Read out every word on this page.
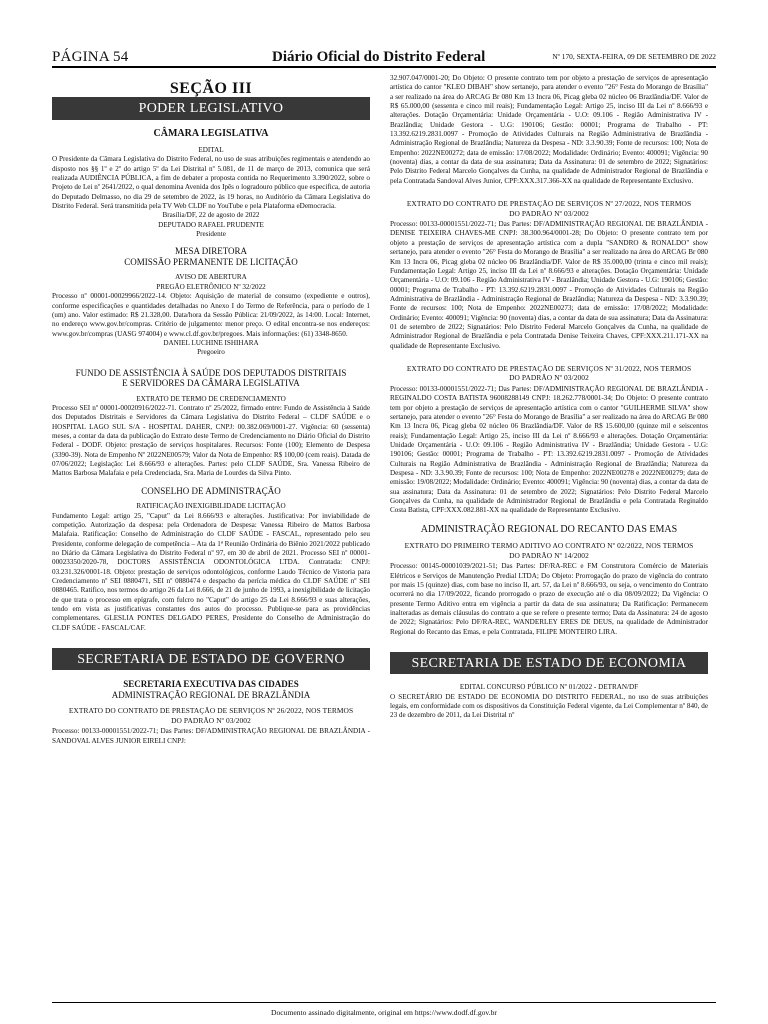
PÁGINA 54	Diário Oficial do Distrito Federal	Nº 170, SEXTA-FEIRA, 09 DE SETEMBRO DE 2022
SEÇÃO III
PODER LEGISLATIVO
CÂMARA LEGISLATIVA

EDITAL

O Presidente da Câmara Legislativa do Distrito Federal, no uso de suas atribuições regimentais e atendendo ao disposto nos §§ 1º e 2º do artigo 5º da Lei Distrital nº 5.081, de 11 de março de 2013, comunica que será realizada AUDIÊNCIA PÚBLICA, a fim de debater a proposta contida no Requerimento 3.390/2022, sobre o Projeto de Lei nº 2641/2022, o qual denomina Avenida dos Ipês o logradouro público que especifica, de autoria do Deputado Delmasso, no dia 29 de setembro de 2022, às 19 horas, no Auditório da Câmara Legislativa do Distrito Federal. Será transmitida pela TV Web CLDF no YouTube e pela Plataforma eDemocracia.

Brasília/DF, 22 de agosto de 2022

DEPUTADO RAFAEL PRUDENTE

Presidente

MESA DIRETORA
COMISSÃO PERMANENTE DE LICITAÇÃO

AVISO DE ABERTURA

PREGÃO ELETRÔNICO Nº 32/2022

Processo nº 00001-00029966/2022-14. Objeto: Aquisição de material de consumo (expediente e outros), conforme especificações e quantidades detalhadas no Anexo I do Termo de Referência, para o período de 1 (um) ano. Valor estimado: R$ 21.328,00. Data/hora da Sessão Pública: 21/09/2022, às 14:00. Local: Internet, no endereço www.gov.br/compras. Critério de julgamento: menor preço. O edital encontra-se nos endereços: www.gov.br/compras (UASG 974004) e www.cl.df.gov.br/pregoes. Mais informações: (61) 3348-8650.

DANIEL LUCHINE ISHIHARA

Pregoeiro

FUNDO DE ASSISTÊNCIA À SAÚDE DOS DEPUTADOS DISTRITAIS E SERVIDORES DA CÂMARA LEGISLATIVA

EXTRATO DE TERMO DE CREDENCIAMENTO

Processo SEI nº 00001-00020916/2022-71. Contrato nº 25/2022, firmado entre: Fundo de Assistência à Saúde dos Deputados Distritais e Servidores da Câmara Legislativa do Distrito Federal – CLDF SAÚDE e o HOSPITAL LAGO SUL S/A - HOSPITAL DAHER, CNPJ: 00.382.069/0001-27. Vigência: 60 (sessenta) meses, a contar da data da publicação do Extrato deste Termo de Credenciamento no Diário Oficial do Distrito Federal - DODF. Objeto: prestação de serviços hospitalares. Recursos: Fonte (100); Elemento de Despesa (3390-39). Nota de Empenho Nº 2022NE00579; Valor da Nota de Empenho: R$ 100,00 (cem reais). Datada de 07/06/2022; Legislação: Lei 8.666/93 e alterações. Partes: pelo CLDF SAÚDE, Sra. Vanessa Ribeiro de Mattos Barbosa Malafaia e pela Credenciada, Sra. Maria de Lourdes da Silva Pinto.

CONSELHO DE ADMINISTRAÇÃO

RATIFICAÇÃO INEXIGIBILIDADE LICITAÇÃO

Fundamento Legal: artigo 25, "Caput" da Lei 8.666/93 e alterações. Justificativa: Por inviabilidade de competição. Autorização da despesa: pela Ordenadora de Despesa: Vanessa Ribeiro de Mattos Barbosa Malafaia. Ratificação: Conselho de Administração do CLDF SAÚDE - FASCAL, representado pelo seu Presidente, conforme delegação de competência – Ata da 1ª Reunião Ordinária do Biênio 2021/2022 publicado no Diário da Câmara Legislativa do Distrito Federal nº 97, em 30 de abril de 2021. Processo SEI nº 00001-00023350/2020-78, DOCTORS ASSISTÊNCIA ODONTOLÓGICA LTDA. Contratada: CNPJ: 03.231.326/0001-18. Objeto: prestação de serviços odontológicos, conforme Laudo Técnico de Vistoria para Credenciamento nº SEI 0880471, SEI nº 0880474 e despacho da perícia médica do CLDF SAÚDE nº SEI 0880465. Ratifico, nos termos do artigo 26 da Lei 8.666, de 21 de junho de 1993, a inexigibilidade de licitação de que trata o processo em epígrafe, com fulcro no "Caput" do artigo 25 da Lei 8.666/93 e suas alterações, tendo em vista as justificativas constantes dos autos do processo. Publique-se para as providências complementares. GLESLIA PONTES DELGADO PERES, Presidente do Conselho de Administração do CLDF SAÚDE - FASCAL/CAF.

SECRETARIA DE ESTADO DE GOVERNO
SECRETARIA EXECUTIVA DAS CIDADES
ADMINISTRAÇÃO REGIONAL DE BRAZLÂNDIA

EXTRATO DO CONTRATO DE PRESTAÇÃO DE SERVIÇOS Nº 26/2022, NOS TERMOS DO PADRÃO Nº 03/2002

Processo: 00133-00001551/2022-71; Das Partes: DF/ADMINISTRAÇÃO REGIONAL DE BRAZLÂNDIA - SANDOVAL ALVES JUNIOR EIRELI CNPJ:

32.907.047/0001-20; Do Objeto: O presente contrato tem por objeto a prestação de serviços de apresentação artística do cantor "KLEO DIBAH" show sertanejo, para atender o evento "26° Festa do Morango de Brasília" a ser realizado na área do ARCAG Br 080 Km 13 Incra 06, Picag gleba 02 núcleo 06 Brazlândia/DF. Valor de R$ 65.000,00 (sessenta e cinco mil reais); Fundamentação Legal: Artigo 25, inciso III da Lei nº 8.666/93 e alterações. Dotação Orçamentária: Unidade Orçamentária - U.O: 09.106 - Região Administrativa IV - Brazlândia; Unidade Gestora - U.G: 190106; Gestão: 00001; Programa de Trabalho - PT: 13.392.6219.2831.0097 - Promoção de Atividades Culturais na Região Administrativa de Brazlândia - Administração Regional de Brazlândia; Natureza da Despesa - ND: 3.3.90.39; Fonte de recursos: 100; Nota de Empenho: 2022NE00272; data de emissão: 17/08/2022; Modalidade: Ordinário; Evento: 400091; Vigência: 90 (noventa) dias, a contar da data de sua assinatura; Data da Assinatura: 01 de setembro de 2022; Signatários: Pelo Distrito Federal Marcelo Gonçalves da Cunha, na qualidade de Administrador Regional de Brazlândia e pela Contratada Sandoval Alves Junior, CPF:XXX.317.366-XX na qualidade de Representante Exclusivo.

EXTRATO DO CONTRATO DE PRESTAÇÃO DE SERVIÇOS Nº 27/2022, NOS TERMOS DO PADRÃO Nº 03/2002

Processo: 00133-00001551/2022-71; Das Partes: DF/ADMINISTRAÇÃO REGIONAL DE BRAZLÂNDIA - DENISE TEIXEIRA CHAVES-ME CNPJ: 38.300.964/0001-28; Do Objeto: O presente contrato tem por objeto a prestação de serviços de apresentação artística com a dupla "SANDRO & RONALDO" show sertanejo, para atender o evento "26° Festa do Morango de Brasília" a ser realizado na área do ARCAG Br 080 Km 13 Incra 06, Picag gleba 02 núcleo 06 Brazlândia/DF. Valor de R$ 35.000,00 (trinta e cinco mil reais); Fundamentação Legal: Artigo 25, inciso III da Lei nº 8.666/93 e alterações. Dotação Orçamentária: Unidade Orçamentária - U.O: 09.106 - Região Administrativa IV - Brazlândia; Unidade Gestora - U.G: 190106; Gestão: 00001; Programa de Trabalho - PT: 13.392.6219.2831.0097 - Promoção de Atividades Culturais na Região Administrativa de Brazlândia - Administração Regional de Brazlândia; Natureza da Despesa - ND: 3.3.90.39; Fonte de recursos: 100; Nota de Empenho: 2022NE00273; data de emissão: 17/08/2022; Modalidade: Ordinário; Evento: 400091; Vigência: 90 (noventa) dias, a contar da data de sua assinatura; Data da Assinatura: 01 de setembro de 2022; Signatários: Pelo Distrito Federal Marcelo Gonçalves da Cunha, na qualidade de Administrador Regional de Brazlândia e pela Contratada Denise Teixeira Chaves, CPF:XXX.211.171-XX na qualidade de Representante Exclusivo.

EXTRATO DO CONTRATO DE PRESTAÇÃO DE SERVIÇOS Nº 31/2022, NOS TERMOS DO PADRÃO Nº 03/2002

Processo: 00133-00001551/2022-71; Das Partes: DF/ADMINISTRAÇÃO REGIONAL DE BRAZLÂNDIA - REGINALDO COSTA BATISTA 96008288149 CNPJ: 18.262.778/0001-34; Do Objeto: O presente contrato tem por objeto a prestação de serviços de apresentação artística com o cantor "GUILHERME SILVA" show sertanejo, para atender o evento "26° Festa do Morango de Brasília" a ser realizado na área do ARCAG Br 080 Km 13 Incra 06, Picag gleba 02 núcleo 06 Brazlândia/DF. Valor de R$ 15.600,00 (quinze mil e seiscentos reais); Fundamentação Legal: Artigo 25, inciso III da Lei nº 8.666/93 e alterações. Dotação Orçamentária: Unidade Orçamentária - U.O: 09.106 - Região Administrativa IV - Brazlândia; Unidade Gestora - U.G: 190106; Gestão: 00001; Programa de Trabalho - PT: 13.392.6219.2831.0097 - Promoção de Atividades Culturais na Região Administrativa de Brazlândia - Administração Regional de Brazlândia; Natureza da Despesa - ND: 3.3.90.39; Fonte de recursos: 100; Nota de Empenho: 2022NE00278 e 2022NE00279; data de emissão: 19/08/2022; Modalidade: Ordinário; Evento: 400091; Vigência: 90 (noventa) dias, a contar da data de sua assinatura; Data da Assinatura: 01 de setembro de 2022; Signatários: Pelo Distrito Federal Marcelo Gonçalves da Cunha, na qualidade de Administrador Regional de Brazlândia e pela Contratada Reginaldo Costa Batista, CPF:XXX.082.881-XX na qualidade de Representante Exclusivo.

ADMINISTRAÇÃO REGIONAL DO RECANTO DAS EMAS

EXTRATO DO PRIMEIRO TERMO ADITIVO AO CONTRATO Nº 02/2022, NOS TERMOS DO PADRÃO Nº 14/2002

Processo: 00145-00001039/2021-51; Das Partes: DF/RA-REC e FM Construtora Comércio de Materiais Elétricos e Serviços de Manutenção Predial LTDA; Do Objeto: Prorrogação do prazo de vigência do contrato por mais 15 (quinze) dias, com base no inciso II, art. 57, da Lei nº 8.666/93, ou seja, o vencimento do Contrato ocorrerá no dia 17/09/2022, ficando prorrogado o prazo de execução até o dia 08/09/2022; Da Vigência: O presente Termo Aditivo entra em vigência a partir da data de sua assinatura; Da Ratificação: Permanecem inalteradas as demais cláusulas do contrato a que se refere o presente termo; Data da Assinatura: 24 de agosto de 2022; Signatários: Pelo DF/RA-REC, WANDERLEY ERES DE DEUS, na qualidade de Administrador Regional do Recanto das Emas, e pela Contratada, FILIPE MONTEIRO LIRA.

SECRETARIA DE ESTADO DE ECONOMIA

EDITAL CONCURSO PÚBLICO Nº 01/2022 - DETRAN/DF

O SECRETÁRIO DE ESTADO DE ECONOMIA DO DISTRITO FEDERAL, no uso de suas atribuições legais, em conformidade com os dispositivos da Constituição Federal vigente, da Lei Complementar nº 840, de 23 de dezembro de 2011, da Lei Distrital nº

Documento assinado digitalmente, original em https://www.dodf.df.gov.br
